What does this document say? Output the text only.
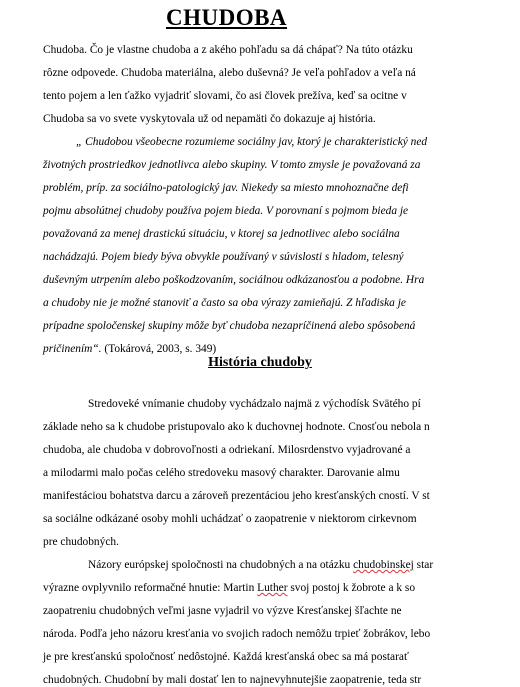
CHUDOBA
Chudoba. Čo je vlastne chudoba a z akého pohľadu sa dá chápať? Na túto otázku
rôzne odpovede. Chudoba materiálna, alebo duševná? Je veľa pohľadov a veľa ná
tento pojem a len ťažko vyjadriť slovami, čo asi človek prežíva, keď sa ocitne v
Chudoba sa vo svete vyskytovala už od nepamäti čo dokazuje aj história.
„ Chudobou všeobecne rozumieme sociálny jav, ktorý je charakteristický ned
životných prostriedkov jednotlivca alebo skupiny. V tomto zmysle je považovaná za
problém, príp. za sociálno-patologický jav. Niekedy sa miesto mnohoznačne defi
pojmu absolútnej chudoby používa pojem bieda. V porovnaní s pojmom bieda je
považovaná za menej drastickú situáciu, v ktorej sa jednotlivec alebo sociálna
nachádzajú. Pojem biedy býva obvykle používaný v súvislosti s hladom, telesný
duševným utrpením alebo poškodzovaním, sociálnou odkázanosťou a podobne. Hra
a chudoby nie je možné stanoviť a často sa oba výrazy zamieňajú. Z hľadiska je
prípadne spoločenskej skupiny môže byť chudoba nezapríčinená alebo spôsobená
pričinením“. (Tokárová, 2003, s. 349)
História chudoby
Stredoveké vnímanie chudoby vychádzalo najmä z východísk Svätého pí
základe neho sa k chudobe pristupovalo ako k duchovnej hodnote. Cnosťou nebola n
chudoba, ale chudoba v dobrovoľnosti a odriekaní. Milosrdenstvo vyjadrované a
a milodarmi malo počas celého stredoveku masový charakter. Darovanie almu
manifestáciou bohatstva darcu a zároveň prezentáciou jeho kresťanských cností. V st
sa sociálne odkázané osoby mohli uchádzať o zaopatrenie v niektorom cirkevnom
pre chudobných.
Názory európskej spoločnosti na chudobných a na otázku chudobinskej star
výrazne ovplyvnilo reformačné hnutie: Martin Luther svoj postoj k žobrote a k so
zaopatreniu chudobných veľmi jasne vyjadril vo výzve Kresťanskej šľachte ne
národa. Podľa jeho názoru kresťania vo svojich radoch nemôžu trpieť žobrákov, lebo
je pre kresťanskú spoločnosť nedôstojné. Každá kresťanská obec sa má postarať
chudobných. Chudobní by mali dostať len to najnevyhnutejšie zaopatrenie, teda str
